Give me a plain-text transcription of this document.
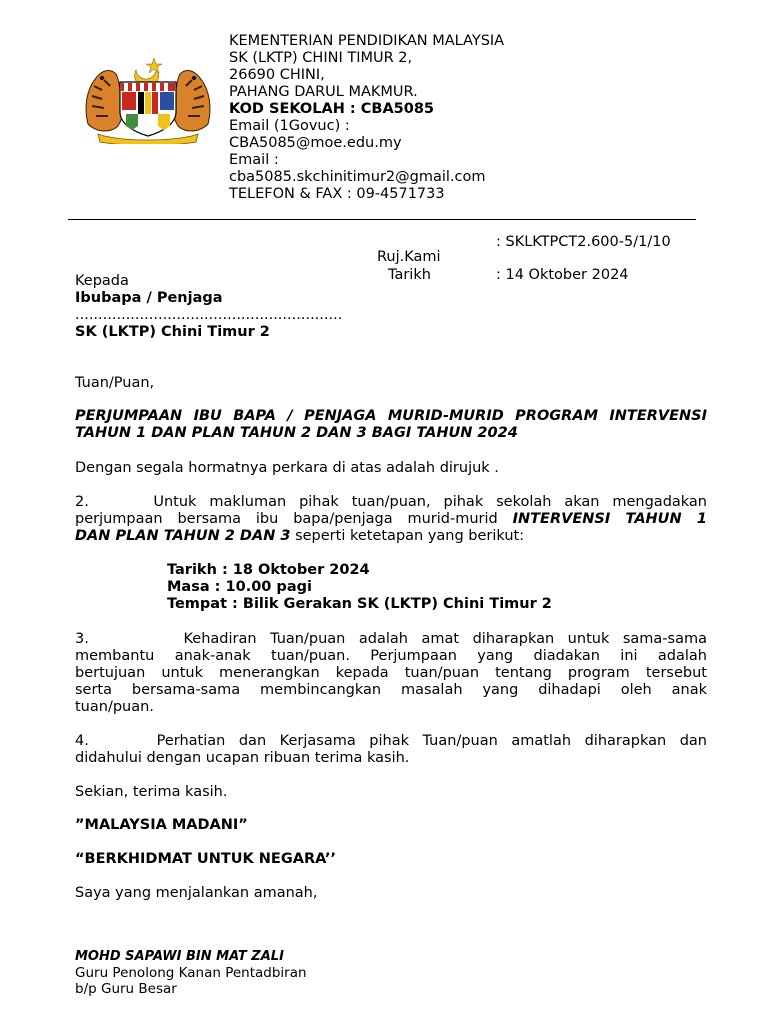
KEMENTERIAN PENDIDIKAN MALAYSIA
SK (LKTP) CHINI TIMUR 2,
26690 CHINI,
PAHANG DARUL MAKMUR.
KOD SEKOLAH : CBA5085
Email (1Govuc) :
CBA5085@moe.edu.my
Email :
cba5085.skchinitimur2@gmail.com
TELEFON & FAX : 09-4571733
: SKLKTPCT2.600-5/1/10
Ruj.Kami
Tarikh	: 14 Oktober 2024
Kepada
Ibubapa / Penjaga
..........................................................
SK (LKTP) Chini Timur 2
Tuan/Puan,
PERJUMPAAN IBU BAPA / PENJAGA MURID-MURID PROGRAM INTERVENSI
TAHUN 1 DAN PLAN TAHUN 2 DAN 3 BAGI TAHUN 2024
Dengan segala hormatnya perkara di atas adalah dirujuk .
2.     Untuk makluman pihak tuan/puan, pihak sekolah akan mengadakan
perjumpaan bersama ibu bapa/penjaga murid-murid INTERVENSI TAHUN 1
DAN PLAN TAHUN 2 DAN 3 seperti ketetapan yang berikut:
Tarikh : 18 Oktober 2024
Masa : 10.00 pagi
Tempat : Bilik Gerakan SK (LKTP) Chini Timur 2
3.       Kehadiran Tuan/puan adalah amat diharapkan untuk sama-sama
membantu anak-anak tuan/puan. Perjumpaan yang diadakan ini adalah
bertujuan untuk menerangkan kepada tuan/puan tentang program tersebut
serta bersama-sama membincangkan masalah yang dihadapi oleh anak
tuan/puan.
4.     Perhatian dan Kerjasama pihak Tuan/puan amatlah diharapkan dan
didahului dengan ucapan ribuan terima kasih.
Sekian, terima kasih.
”MALAYSIA MADANI”
“BERKHIDMAT UNTUK NEGARA’’
Saya yang menjalankan amanah,
MOHD SAPAWI BIN MAT ZALI
Guru Penolong Kanan Pentadbiran
b/p Guru Besar
